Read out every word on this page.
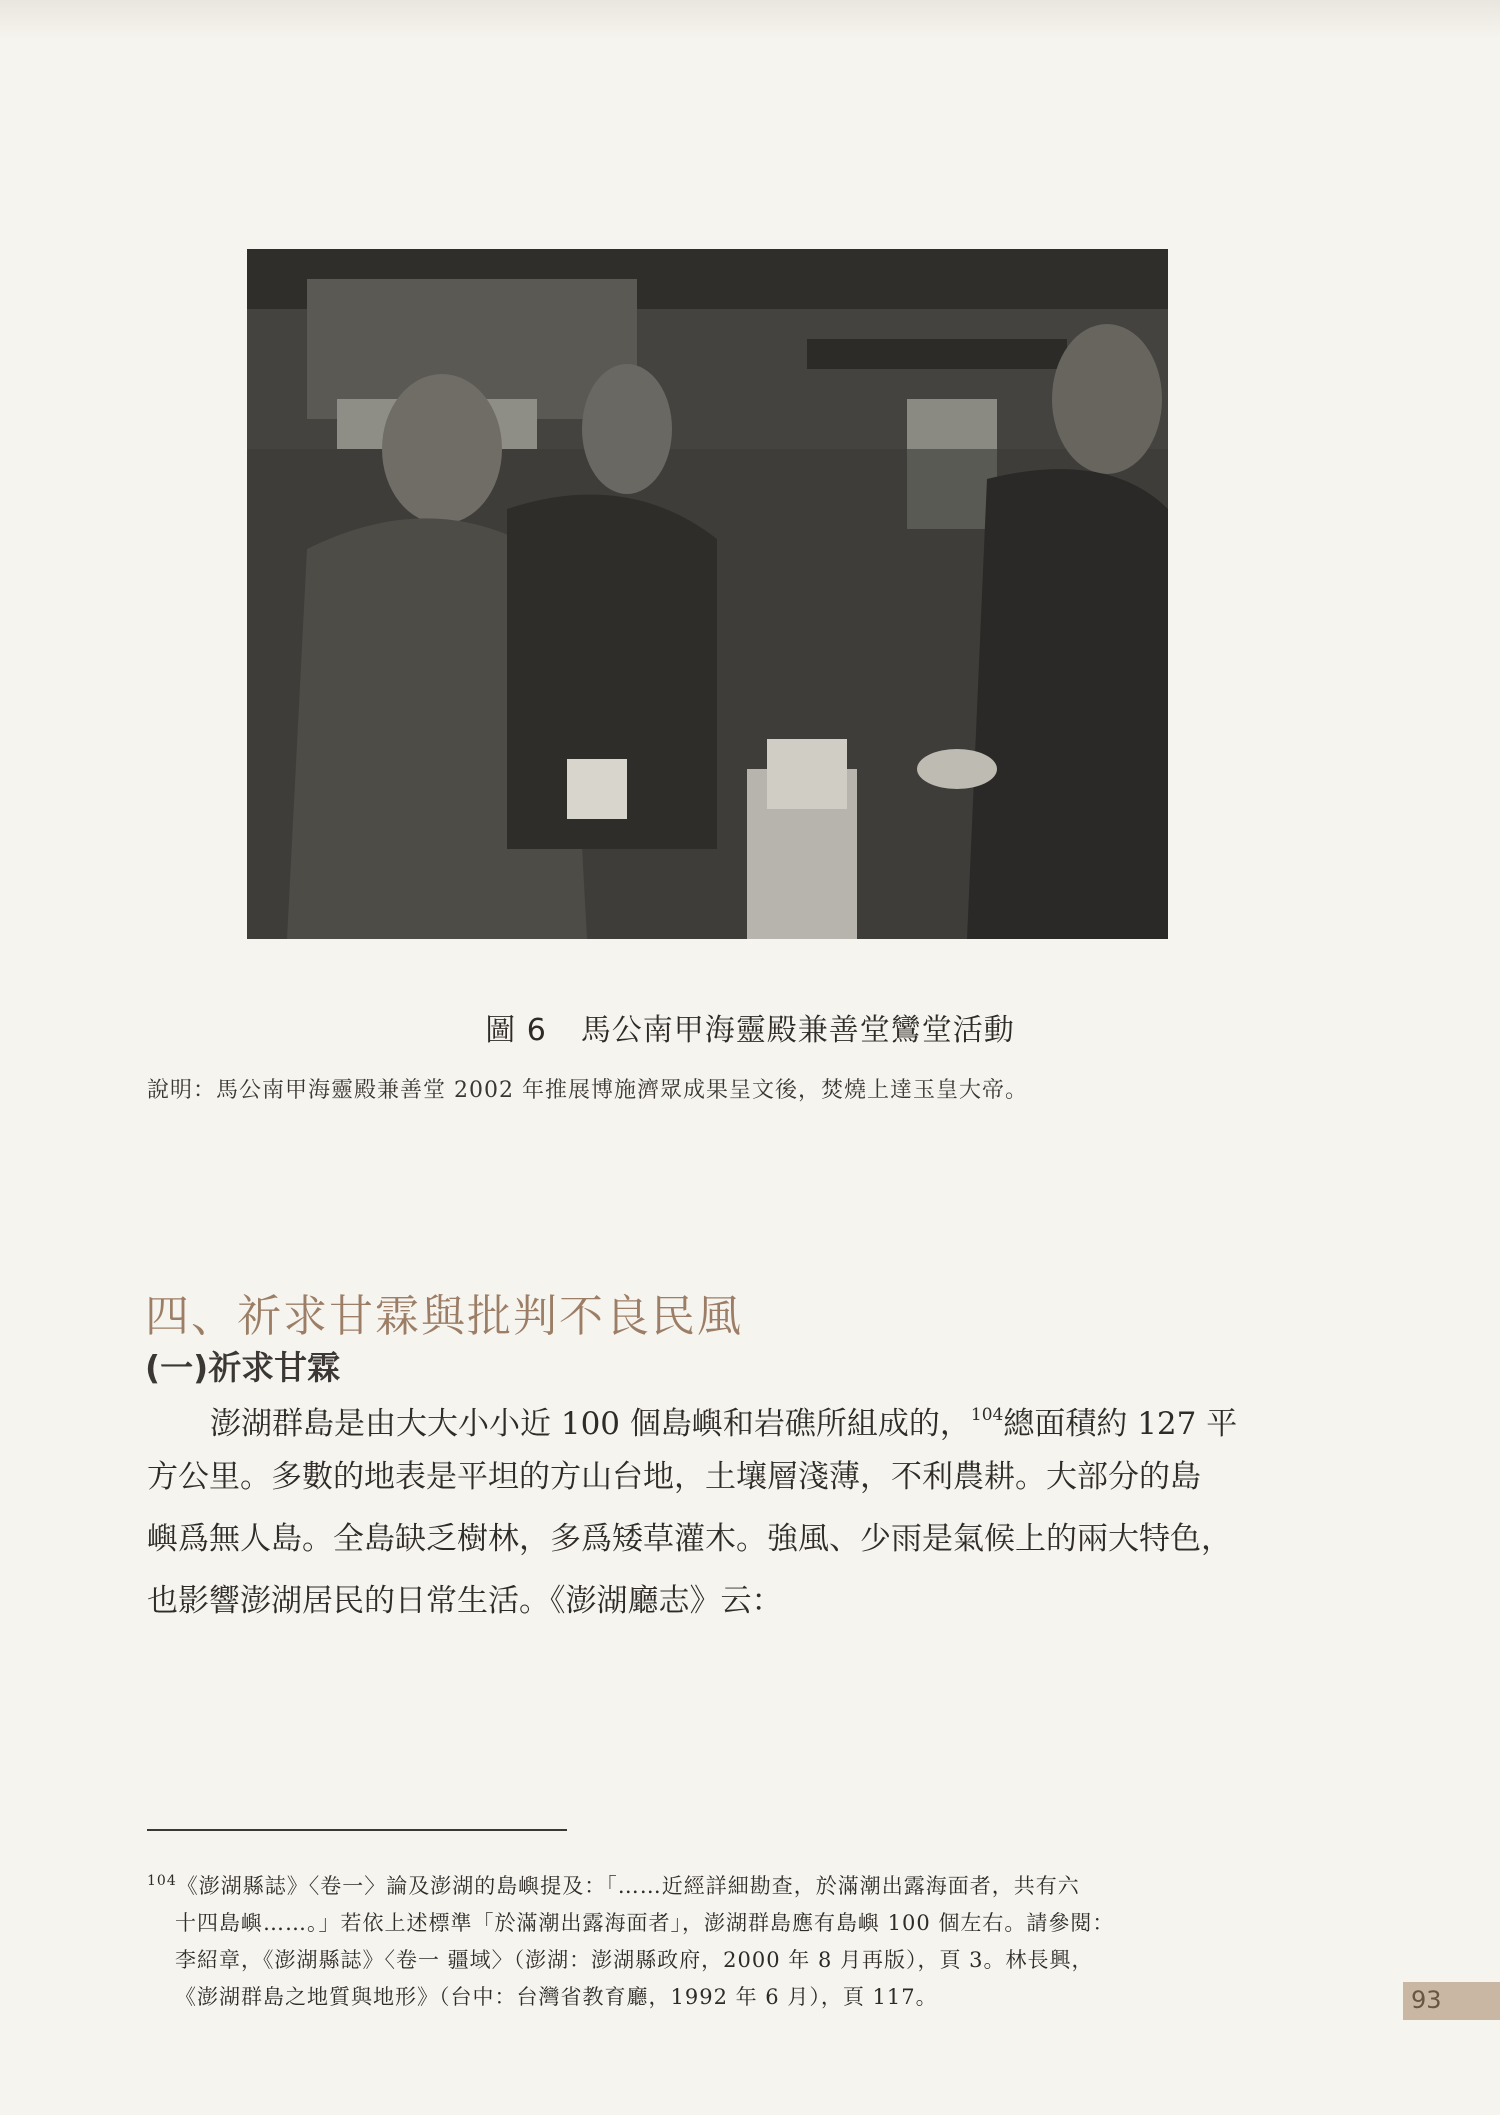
圖 6 馬公南甲海靈殿兼善堂鸞堂活動
說明：馬公南甲海靈殿兼善堂 2002 年推展博施濟眾成果呈文後，焚燒上達玉皇大帝。
四、祈求甘霖與批判不良民風
(一)祈求甘霖
澎湖群島是由大大小小近 100 個島嶼和岩礁所組成的，$^{104}$總面積約 127 平
方公里。多數的地表是平坦的方山台地，土壤層淺薄，不利農耕。大部分的島
嶼爲無人島。全島缺乏樹林，多爲矮草灌木。強風、少雨是氣候上的兩大特色，
也影響澎湖居民的日常生活。《澎湖廳志》云：
$^{104}$《澎湖縣誌》〈卷一〉論及澎湖的島嶼提及：「……近經詳細勘查，於滿潮出露海面者，共有六
十四島嶼……。」若依上述標準「於滿潮出露海面者」，澎湖群島應有島嶼 100 個左右。請參閱：
李紹章，《澎湖縣誌》〈卷一 疆域〉（澎湖：澎湖縣政府，2000 年 8 月再版），頁 3。林長興，
《澎湖群島之地質與地形》（台中：台灣省教育廳，1992 年 6 月），頁 117。	93
